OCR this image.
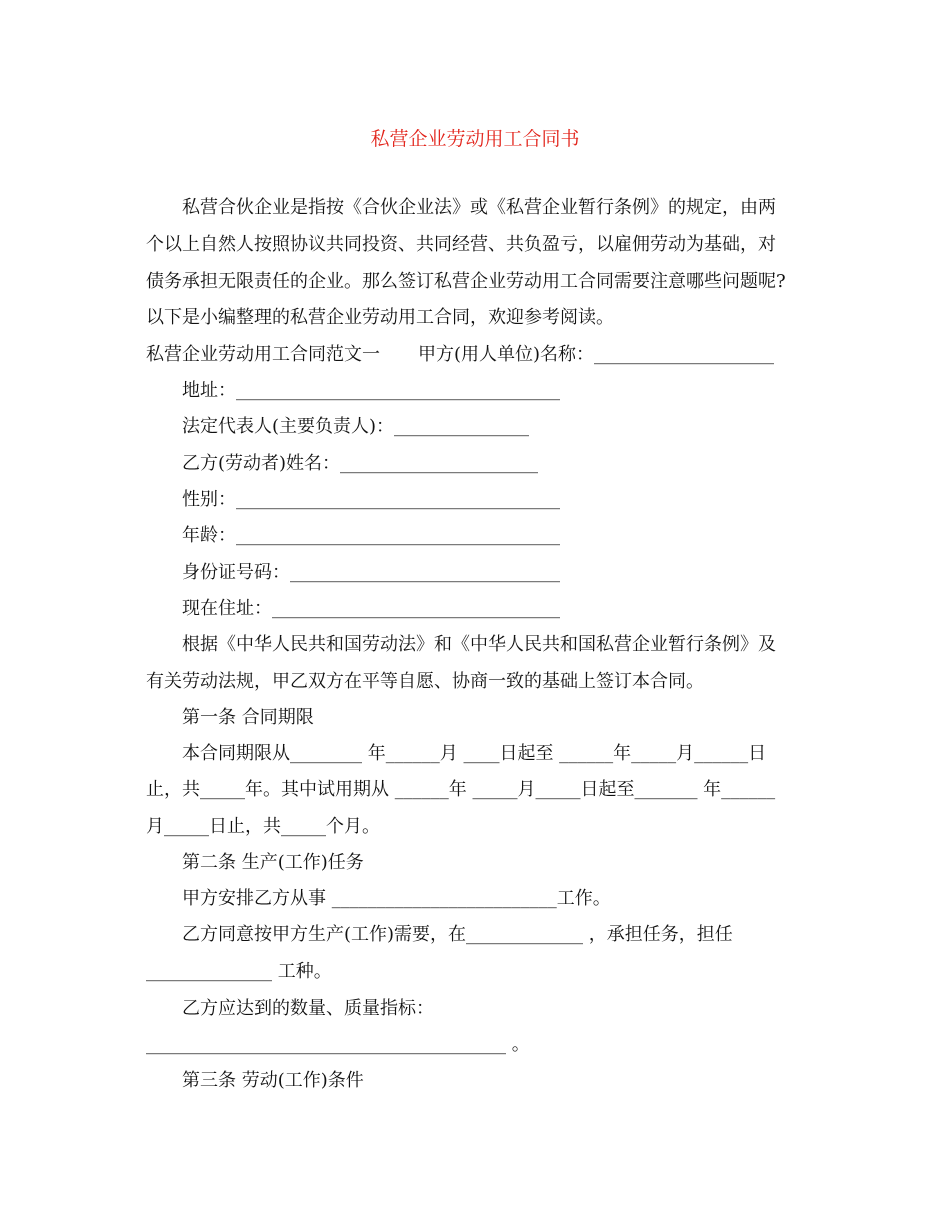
私营企业劳动用工合同书

私营合伙企业是指按《合伙企业法》或《私营企业暂行条例》的规定，由两

个以上自然人按照协议共同投资、共同经营、共负盈亏，以雇佣劳动为基础，对

债务承担无限责任的企业。那么签订私营企业劳动用工合同需要注意哪些问题呢?

以下是小编整理的私营企业劳动用工合同，欢迎参考阅读。

私营企业劳动用工合同范文一 甲方(用人单位)名称：____________________

地址：____________________________________

法定代表人(主要负责人)：_______________

乙方(劳动者)姓名：______________________

性别：____________________________________

年龄：____________________________________

身份证号码：______________________________

现在住址：________________________________

根据《中华人民共和国劳动法》和《中华人民共和国私营企业暂行条例》及

有关劳动法规，甲乙双方在平等自愿、协商一致的基础上签订本合同。

第一条 合同期限

本合同期限从________ 年______月 ____日起至 ______年_____月______日

止，共_____年。其中试用期从 ______年 _____月_____日起至_______ 年______

月_____日止，共_____个月。

第二条 生产(工作)任务

甲方安排乙方从事 _________________________工作。

乙方同意按甲方生产(工作)需要，在_____________ ，承担任务，担任

______________ 工种。

乙方应达到的数量、质量指标：

________________________________________ 。

第三条 劳动(工作)条件
